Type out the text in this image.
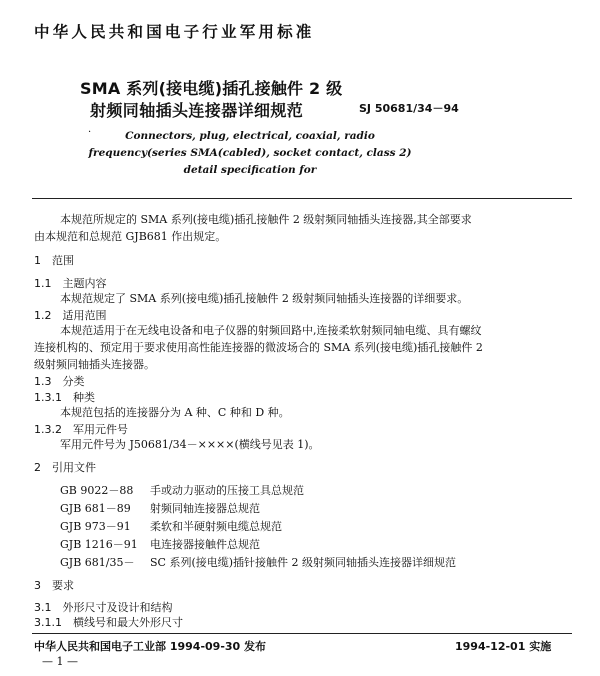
中华人民共和国电子行业军用标准
SMA 系列(接电缆)插孔接触件 2 级
射频同轴插头连接器详细规范	SJ 50681/34－94
·	Connectors, plug, electrical, coaxial, radio
frequency(series SMA(cabled), socket contact, class 2)
detail specification for
本规范所规定的 SMA 系列(接电缆)插孔接触件 2 级射频同轴插头连接器,其全部要求
由本规范和总规范 GJB681 作出规定。
1　范围
1.1　主题内容
本规范规定了 SMA 系列(接电缆)插孔接触件 2 级射频同轴插头连接器的详细要求。
1.2　适用范围
本规范适用于在无线电设备和电子仪器的射频回路中,连接柔软射频同轴电缆、具有螺纹
连接机构的、预定用于要求使用高性能连接器的微波场合的 SMA 系列(接电缆)插孔接触件 2
级射频同轴插头连接器。
1.3　分类
1.3.1　种类
本规范包括的连接器分为 A 种、C 种和 D 种。
1.3.2　军用元件号
军用元件号为 J50681/34－××××(横线号见表 1)。
2　引用文件
GB 9022－88 手或动力驱动的压接工具总规范
GJB 681－89 射频同轴连接器总规范
GJB 973－91 柔软和半硬射频电缆总规范
GJB 1216－91 电连接器接触件总规范
GJB 681/35－ SC 系列(接电缆)插针接触件 2 级射频同轴插头连接器详细规范
3　要求
3.1　外形尺寸及设计和结构
3.1.1　横线号和最大外形尺寸
中华人民共和国电子工业部 1994-09-30 发布	1994-12-01 实施
— 1 —
